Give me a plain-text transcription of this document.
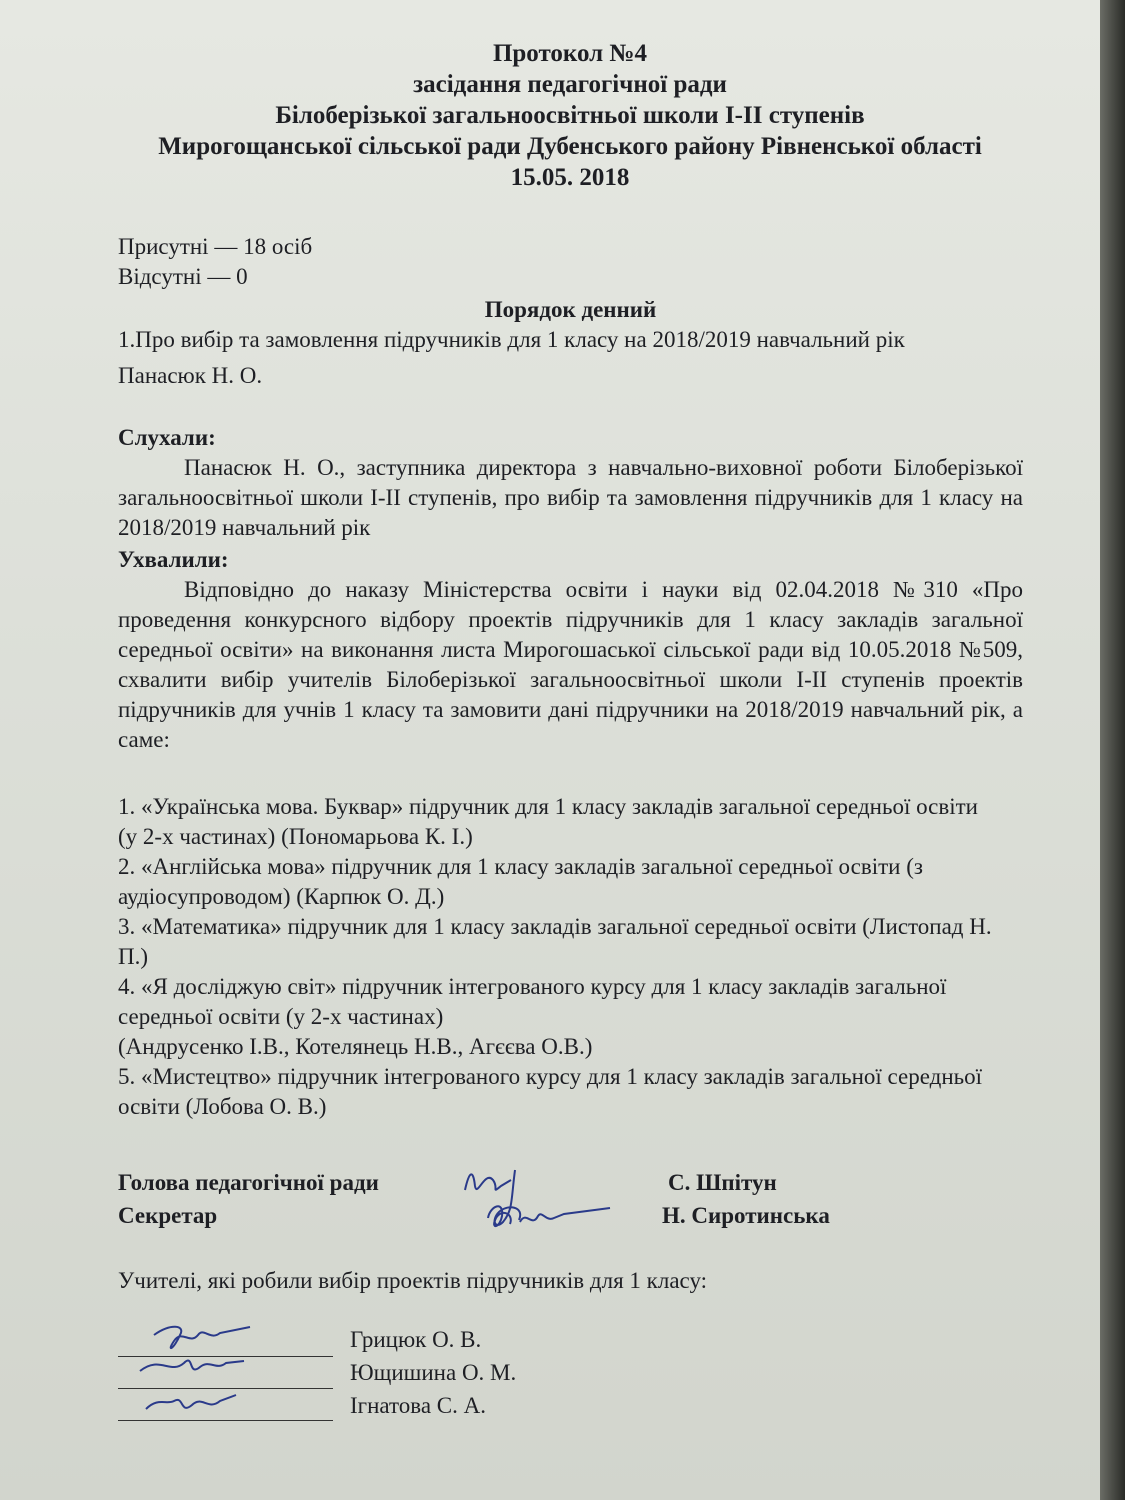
Протокол №4
засідання педагогічної ради
Білоберізької загальноосвітньої школи І-ІІ ступенів
Мирогощанської сільської ради Дубенського району Рівненської області
15.05. 2018
Присутні — 18 осіб
Відсутні — 0
Порядок денний
1.Про вибір та замовлення підручників для 1 класу на 2018/2019 навчальний рік
Панасюк Н. О.
Слухали:
Панасюк Н. О., заступника директора з навчально-виховної роботи Білоберізької загальноосвітньої школи І-ІІ ступенів, про вибір та замовлення підручників для 1 класу на 2018/2019 навчальний рік
Ухвалили:
Відповідно до наказу Міністерства освіти і науки від 02.04.2018 №310 «Про проведення конкурсного відбору проектів підручників для 1 класу закладів загальної середньої освіти» на виконання листа Мирогошаської сільської ради від 10.05.2018 №509, схвалити вибір учителів Білоберізької загальноосвітньої школи І-ІІ ступенів проектів підручників для учнів 1 класу та замовити дані підручники на 2018/2019 навчальний рік, а саме:
1. «Українська мова. Буквар» підручник для 1 класу закладів загальної середньої освіти (у 2-х частинах) (Пономарьова К. І.)
2. «Англійська мова» підручник для 1 класу закладів загальної середньої освіти (з аудіосупроводом) (Карпюк О. Д.)
3. «Математика» підручник для 1 класу закладів загальної середньої освіти (Листопад Н. П.)
4. «Я досліджую світ» підручник інтегрованого курсу для 1 класу закладів загальної середньої освіти (у 2-х частинах)
(Андрусенко І.В., Котелянець Н.В., Агєєва О.В.)
5. «Мистецтво» підручник інтегрованого курсу для 1 класу закладів загальної середньої освіти (Лобова О. В.)
Голова педагогічної ради	С. Шпітун
Секретар	Н. Сиротинська
Учителі, які робили вибір проектів підручників для 1 класу:
Грицюк О. В.
Ющишина О. М.
Ігнатова С. А.
